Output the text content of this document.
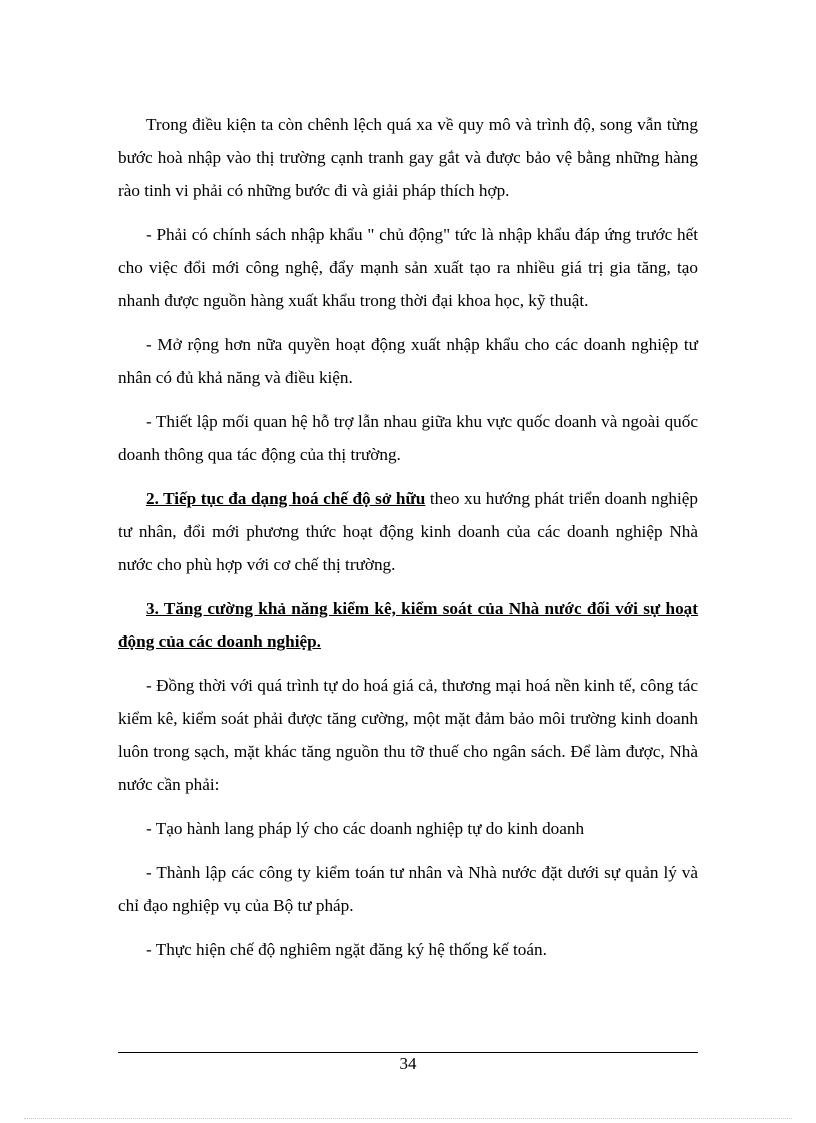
Trong điều kiện ta còn chênh lệch quá xa về quy mô và trình độ, song vẫn từng bước hoà nhập vào thị trường cạnh tranh gay gắt và được bảo vệ bằng những hàng rào tinh vi phải có những bước đi và giải pháp thích hợp.

- Phải có chính sách nhập khẩu " chủ động" tức là nhập khẩu đáp ứng trước hết cho việc đổi mới công nghệ, đẩy mạnh sản xuất tạo ra nhiều giá trị gia tăng, tạo nhanh được nguồn hàng xuất khẩu trong thời đại khoa học, kỹ thuật.

- Mở rộng hơn nữa quyền hoạt động xuất nhập khẩu cho các doanh nghiệp tư nhân có đủ khả năng và điều kiện.

- Thiết lập mối quan hệ hỗ trợ lẫn nhau giữa khu vực quốc doanh và ngoài quốc doanh thông qua tác động của thị trường.

2. Tiếp tục đa dạng hoá chế độ sở hữu theo xu hướng phát triển doanh nghiệp tư nhân, đổi mới phương thức hoạt động kinh doanh của các doanh nghiệp Nhà nước cho phù hợp với cơ chế thị trường.

3. Tăng cường khả năng kiểm kê, kiểm soát của Nhà nước đối với sự hoạt động của các doanh nghiệp.

- Đồng thời với quá trình tự do hoá giá cả, thương mại hoá nền kinh tế, công tác kiểm kê, kiểm soát phải được tăng cường, một mặt đảm bảo môi trường kinh doanh luôn trong sạch, mặt khác tăng nguồn thu tỡ thuế cho ngân sách. Để làm được, Nhà nước cần phải:

- Tạo hành lang pháp lý cho các doanh nghiệp tự do kinh doanh

- Thành lập các công ty kiểm toán tư nhân và Nhà nước đặt dưới sự quản lý và chỉ đạo nghiệp vụ của Bộ tư pháp.

- Thực hiện chế độ nghiêm ngặt đăng ký hệ thống kế toán.

34
